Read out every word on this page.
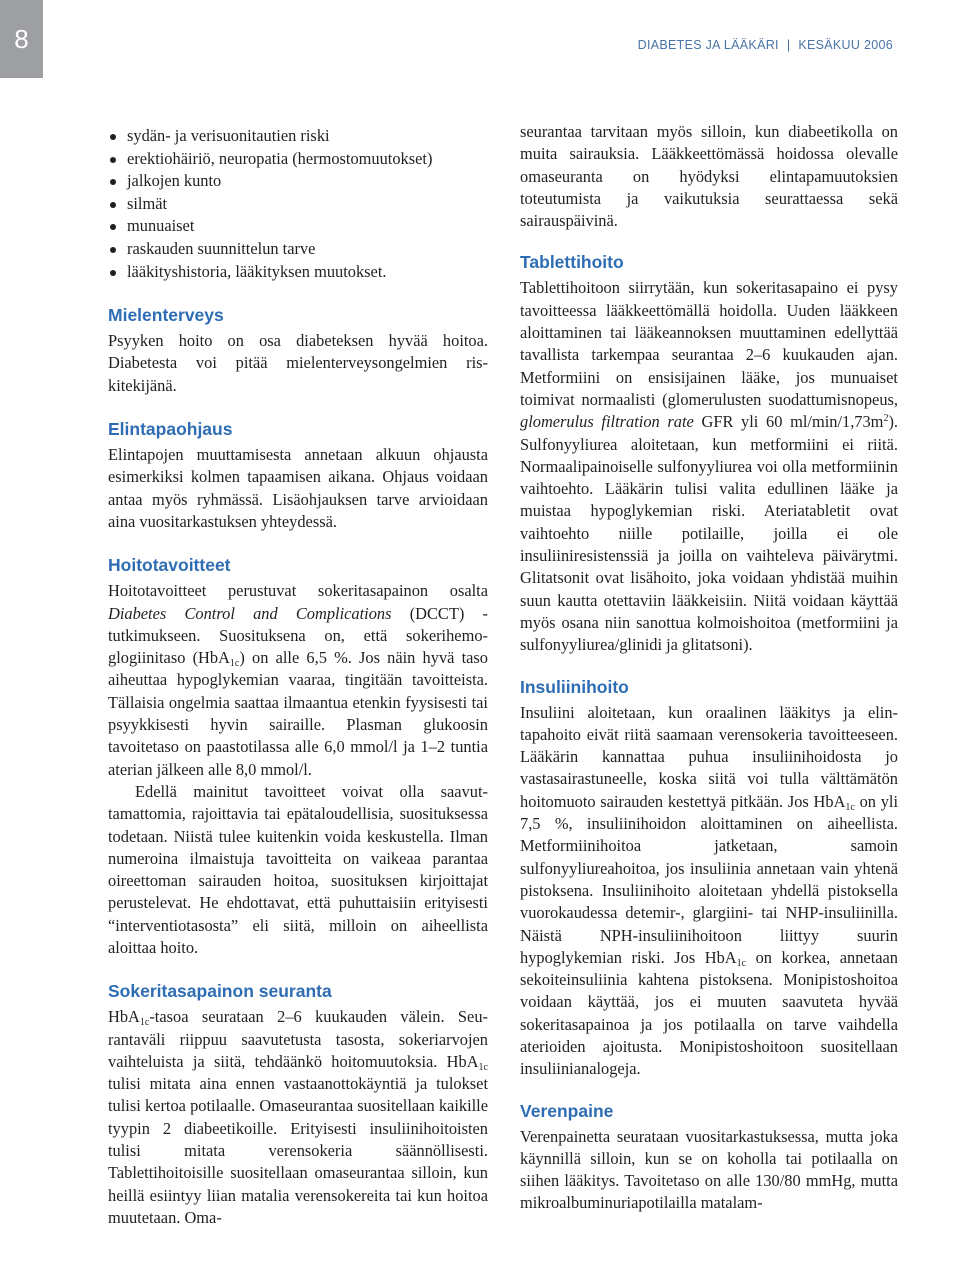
8	DIABETES JA LÄÄKÄRI | KESÄKUU 2006
sydän- ja verisuonitautien riski
erektiohäiriö, neuropatia (hermostomuutokset)
jalkojen kunto
silmät
munuaiset
raskauden suunnittelun tarve
lääkityshistoria, lääkityksen muutokset.
Mielenterveys

Psyyken hoito on osa diabeteksen hyvää hoitoa. Diabetesta voi pitää mielenterveysongelmien riskitekijänä.

Elintapaohjaus

Elintapojen muuttamisesta annetaan alkuun ohjausta esimerkiksi kolmen tapaamisen aikana. Ohjaus voidaan antaa myös ryhmässä. Lisäohjauksen tarve arvioidaan aina vuositarkastuksen yhteydessä.

Hoitotavoitteet

Hoitotavoitteet perustuvat sokeritasapainon osalta Diabetes Control and Complications (DCCT) -tutkimukseen. Suosituksena on, että sokerihemoglogiinitaso (HbA$_{1c}$) on alle 6,5 %. Jos näin hyvä taso aiheuttaa hypoglykemian vaaraa, tingitään tavoitteista. Tällaisia ongelmia saattaa ilmaantua etenkin fyysisesti tai psyykkisesti hyvin sairaille. Plasman glukoosin tavoitetaso on paastotilassa alle 6,0 mmol/l ja 1–2 tuntia aterian jälkeen alle 8,0 mmol/l.

Edellä mainitut tavoitteet voivat olla saavuttamattomia, rajoittavia tai epätaloudellisia, suosituksessa todetaan. Niistä tulee kuitenkin voida keskustella. Ilman numeroina ilmaistuja tavoitteita on vaikeaa parantaa oireettoman sairauden hoitoa, suosituksen kirjoittajat perustelevat. He ehdottavat, että puhuttaisiin erityisesti “interventiotasosta” eli siitä, milloin on aiheellista aloittaa hoito.

Sokeritasapainon seuranta

HbA$_{1c}$-tasoa seurataan 2–6 kuukauden välein. Seurantaväli riippuu saavutetusta tasosta, sokeriarvojen vaihteluista ja siitä, tehdäänkö hoitomuutoksia. HbA$_{1c}$ tulisi mitata aina ennen vastaanottokäyntiä ja tulokset tulisi kertoa potilaalle. Omaseurantaa suositellaan kaikille tyypin 2 diabeetikoille. Erityisesti insuliinihoitoisten tulisi mitata verensokeria säännöllisesti. Tablettihoitoisille suositellaan omaseurantaa silloin, kun heillä esiintyy liian matalia verensokereita tai kun hoitoa muutetaan. Oma-

seurantaa tarvitaan myös silloin, kun diabeetikolla on muita sairauksia. Lääkkeettömässä hoidossa olevalle omaseuranta on hyödyksi elintapamuutoksien toteutumista ja vaikutuksia seurattaessa sekä sairauspäivinä.

Tablettihoito

Tablettihoitoon siirrytään, kun sokeritasapaino ei pysy tavoitteessa lääkkeettömällä hoidolla. Uuden lääkkeen aloittaminen tai lääkeannoksen muuttaminen edellyttää tavallista tarkempaa seurantaa 2–6 kuukauden ajan. Metformiini on ensisijainen lääke, jos munuaiset toimivat normaalisti (glomerulusten suodattumisnopeus, glomerulus filtration rate GFR yli 60 $ml/\min/1,73m^2$). Sulfonyyliurea aloitetaan, kun metformiini ei riitä. Normaalipainoiselle sulfonyyliurea voi olla metformiinin vaihtoehto. Lääkärin tulisi valita edullinen lääke ja muistaa hypoglykemian riski. Ateriatabletit ovat vaihtoehto niille potilaille, joilla ei ole insuliiniresistenssiä ja joilla on vaihteleva päivärytmi. Glitatsonit ovat lisähoito, joka voidaan yhdistää muihin suun kautta otettaviin lääkkeisiin. Niitä voidaan käyttää myös osana niin sanottua kolmoishoitoa (metformiini ja sulfonyyliurea/glinidi ja glitatsoni).

Insuliinihoito

Insuliini aloitetaan, kun oraalinen lääkitys ja elintapahoito eivät riitä saamaan verensokeria tavoitteeseen. Lääkärin kannattaa puhua insuliinihoidosta jo vastasairastuneelle, koska siitä voi tulla välttämätön hoitomuoto sairauden kestettyä pitkään. Jos HbA$_{1c}$ on yli 7,5 %, insuliinihoidon aloittaminen on aiheellista. Metformiinihoitoa jatketaan, samoin sulfonyyliureahoitoa, jos insuliinia annetaan vain yhtenä pistoksena. Insuliinihoito aloitetaan yhdellä pistoksella vuorokaudessa detemir-, glargiini- tai NHP-insuliinilla. Näistä NPH-insuliinihoitoon liittyy suurin hypoglykemian riski. Jos HbA$_{1c}$ on korkea, annetaan sekoiteinsuliinia kahtena pistoksena. Monipistoshoitoa voidaan käyttää, jos ei muuten saavuteta hyvää sokeritasapainoa ja jos potilaalla on tarve vaihdella aterioiden ajoitusta. Monipistoshoitoon suositellaan insuliinianalogeja.

Verenpaine

Verenpainetta seurataan vuositarkastuksessa, mutta joka käynnillä silloin, kun se on koholla tai potilaalla on siihen lääkitys. Tavoitetaso on alle 130/80 mmHg, mutta mikroalbuminuriapotilailla matalam-
